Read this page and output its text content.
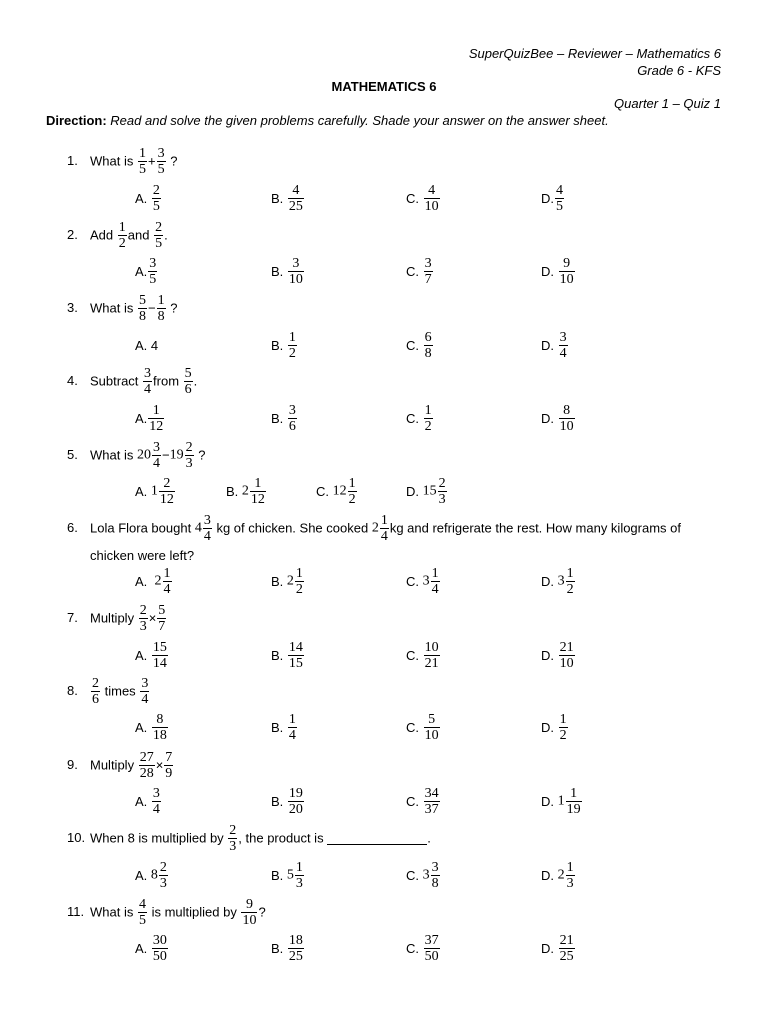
SuperQuizBee – Reviewer – Mathematics 6
Grade 6 - KFS
MATHEMATICS 6
Quarter 1 – Quiz 1
Direction: Read and solve the given problems carefully. Shade your answer on the answer sheet.
1. What is $\frac{1}{5} + \frac{3}{5}$ ?
A. $\frac{2}{5}$	B. $\frac{4}{25}$	C. $\frac{4}{10}$	D. $\frac{4}{5}$
2. Add $\frac{1}{2}$ and $\frac{2}{5}$ .
A. $\frac{3}{5}$	B. $\frac{3}{10}$	C. $\frac{3}{7}$	D. $\frac{9}{10}$
3. What is $\frac{5}{8} - \frac{1}{8}$ ?
A. 4	B. $\frac{1}{2}$	C. $\frac{6}{8}$	D. $\frac{3}{4}$
4. Subtract $\frac{3}{4}$ from $\frac{5}{6}$ .
A. $\frac{1}{12}$	B. $\frac{3}{6}$	C. $\frac{1}{2}$	D. $\frac{8}{10}$
5. What is $20 \frac{3}{4} -19 \frac{2}{3}$ ?
A. $1 \frac{2}{12}$	B. $2 \frac{1}{12}$	C. $12 \frac{1}{2}$	D. $15 \frac{2}{3}$
6. Lola Flora bought $4 \frac{3}{4}$ kg of chicken. She cooked $2 \frac{1}{4}$ kg and refrigerate the rest. How many kilograms of
chicken were left?
A. $2 \frac{1}{4}$	B. $2 \frac{1}{2}$	C. $3 \frac{1}{4}$	D. $3 \frac{1}{2}$
7. Multiply $\frac{2}{3} \times \frac{5}{7}$
A. $\frac{15}{14}$	B. $\frac{14}{15}$	C. $\frac{10}{21}$	D. $\frac{21}{10}$
8. $\frac{2}{6}$ times $\frac{3}{4}$
A. $\frac{8}{18}$	B. $\frac{1}{4}$	C. $\frac{5}{10}$	D. $\frac{1}{2}$
9. Multiply $\frac{27}{28} \times \frac{7}{9}$
A. $\frac{3}{4}$	B. $\frac{19}{20}$	C. $\frac{34}{37}$	D. $1 \frac{1}{19}$
10. When 8 is multiplied by $\frac{2}{3}$ , the product is	.
A. $8 \frac{2}{3}$	B. $5 \frac{1}{3}$	C. $3 \frac{3}{8}$	D. $2 \frac{1}{3}$
11. What is $\frac{4}{5}$ is multiplied by $\frac{9}{10}$ ?
A. $\frac{30}{50}$	B. $\frac{18}{25}$	C. $\frac{37}{50}$	D. $\frac{21}{25}$
